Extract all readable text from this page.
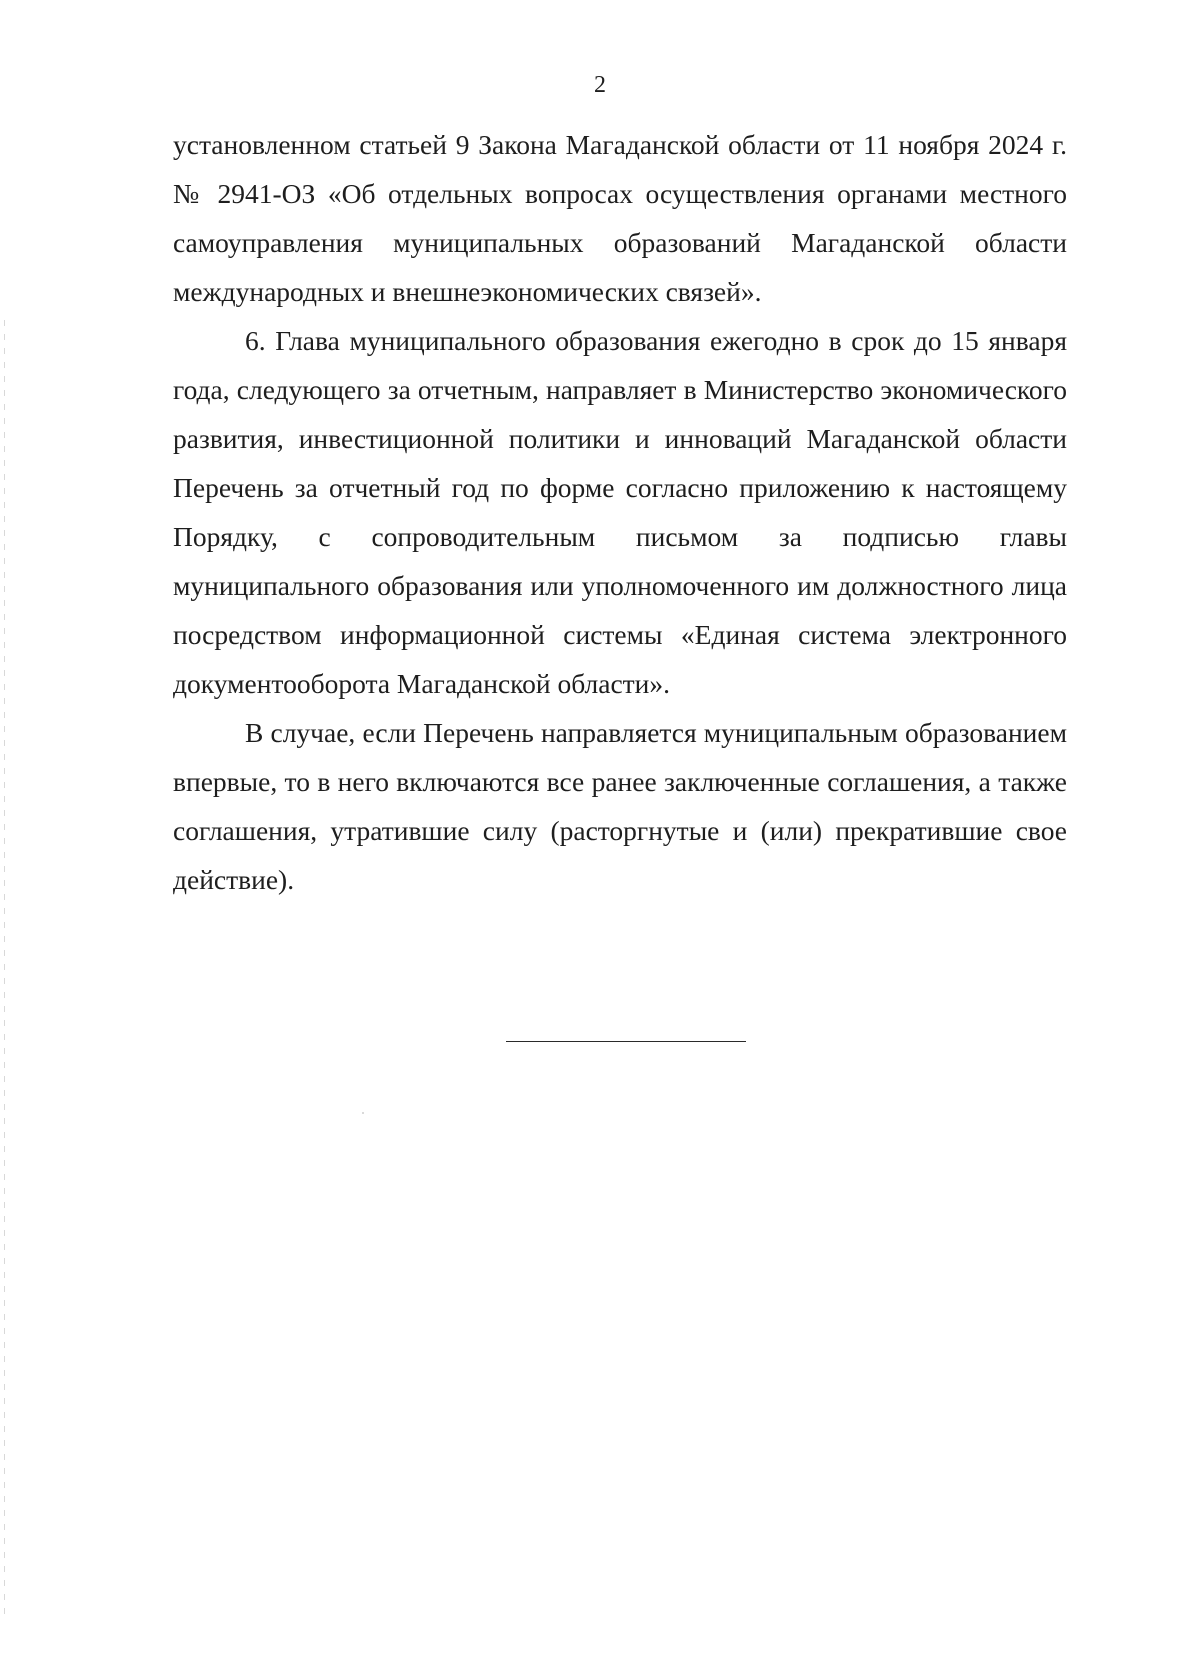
2

установленном статьей 9 Закона Магаданской области от 11 ноября 2024 г. № 2941-ОЗ «Об отдельных вопросах осуществления органами местного самоуправления муниципальных образований Магаданской области международных и внешнеэкономических связей».

6. Глава муниципального образования ежегодно в срок до 15 января года, следующего за отчетным, направляет в Министерство экономического развития, инвестиционной политики и инноваций Магаданской области Перечень за отчетный год по форме согласно приложению к настоящему Порядку, с сопроводительным письмом за подписью главы муниципального образования или уполномоченного им должностного лица посредством информационной системы «Единая система электронного документооборота Магаданской области».

В случае, если Перечень направляется муниципальным образованием впервые, то в него включаются все ранее заключенные соглашения, а также соглашения, утратившие силу (расторгнутые и (или) прекратившие свое действие).
